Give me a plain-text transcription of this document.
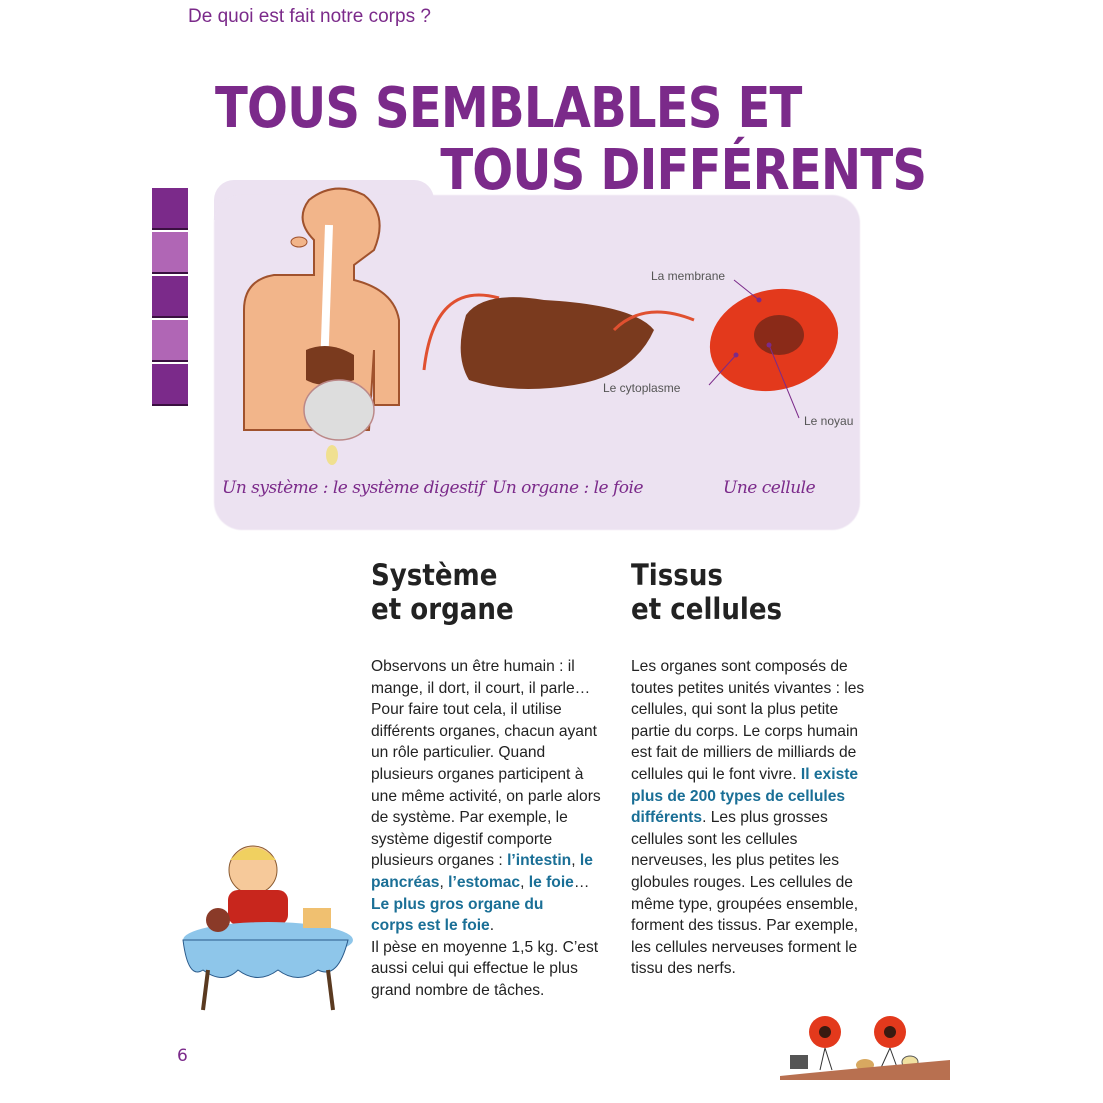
De quoi est fait notre corps ?
TOUS SEMBLABLES ET
TOUS DIFFÉRENTS
La membrane
Le cytoplasme
Le noyau
Un système : le système digestif Un organe : le foie	Une cellule
Système
et organe
Tissus
et cellules

Observons un être humain : il mange, il dort, il court, il parle… Pour faire tout cela, il utilise différents organes, chacun ayant un rôle particulier. Quand plusieurs organes participent à une même activité, on parle alors de système. Par exemple, le système digestif comporte plusieurs organes : l’intestin, le pancréas, l’estomac, le foie…

Le plus gros organe du corps est le foie.

Il pèse en moyenne 1,5 kg. C’est aussi celui qui effectue le plus grand nombre de tâches.

Les organes sont composés de toutes petites unités vivantes : les cellules, qui sont la plus petite partie du corps. Le corps humain est fait de milliers de milliards de cellules qui le font vivre. Il existe plus de 200 types de cellules différents. Les plus grosses cellules sont les cellules nerveuses, les plus petites les globules rouges. Les cellules de même type, groupées ensemble, forment des tissus. Par exemple, les cellules nerveuses forment le tissu des nerfs.

6
